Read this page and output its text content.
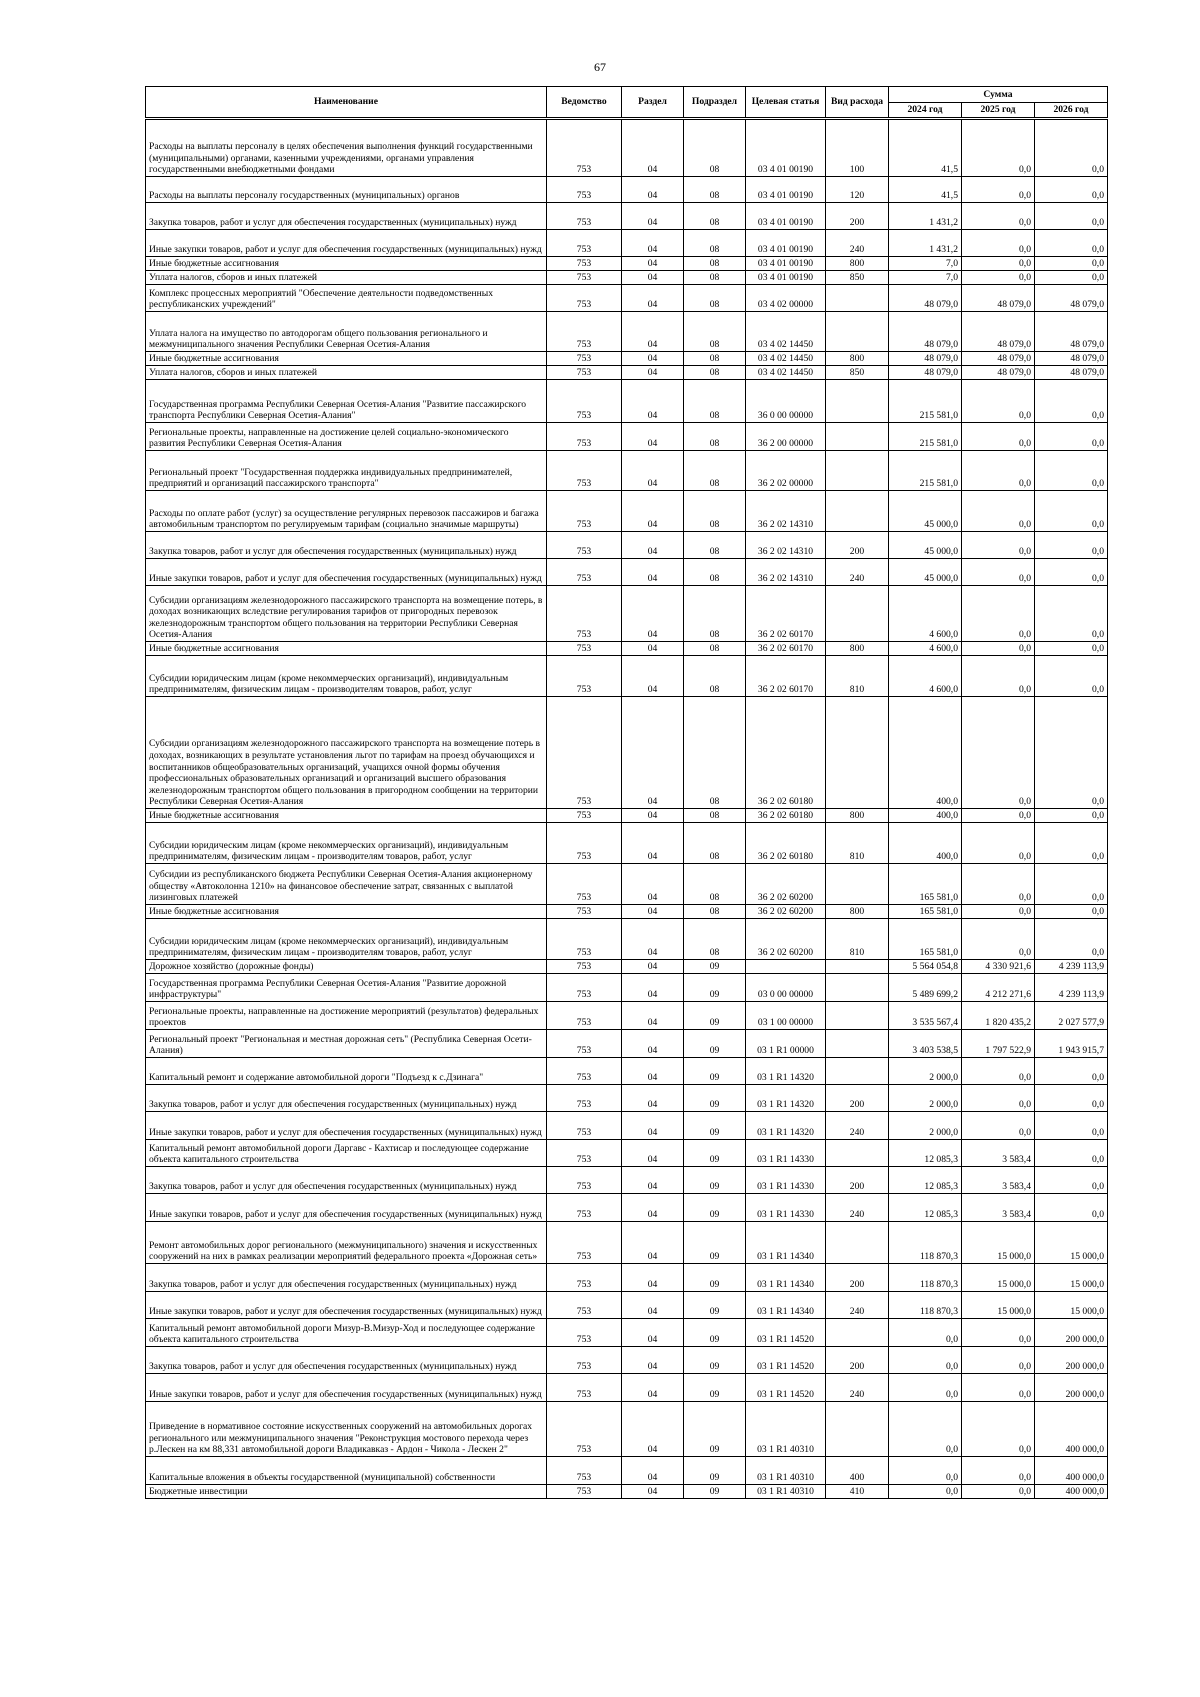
67
Наименование	Ведомство	Раздел	Подраздел	Целевая статья	Вид расхода	Сумма		
						2024 год	2025 год	2026 год
Расходы на выплаты персоналу в целях обеспечения выполнения функций государственными (муниципальными) органами, казенными учреждениями, органами управления государственными внебюджетными фондами	753	04	08	03 4 01 00190	100	41,5	0,0	0,0
Расходы на выплаты персоналу государственных (муниципальных) органов	753	04	08	03 4 01 00190	120	41,5	0,0	0,0
Закупка товаров, работ и услуг для обеспечения государственных (муниципальных) нужд	753	04	08	03 4 01 00190	200	1 431,2	0,0	0,0
Иные закупки товаров, работ и услуг для обеспечения государственных (муниципальных) нужд	753	04	08	03 4 01 00190	240	1 431,2	0,0	0,0
Иные бюджетные ассигнования	753	04	08	03 4 01 00190	800	7,0	0,0	0,0
Уплата налогов, сборов и иных платежей	753	04	08	03 4 01 00190	850	7,0	0,0	0,0
Комплекс процессных мероприятий "Обеспечение деятельности подведомственных республиканских учреждений"	753	04	08	03 4 02 00000		48 079,0	48 079,0	48 079,0
Уплата налога на имущество по автодорогам общего пользования регионального и межмуниципального значения Республики Северная Осетия-Алания	753	04	08	03 4 02 14450		48 079,0	48 079,0	48 079,0
Иные бюджетные ассигнования	753	04	08	03 4 02 14450	800	48 079,0	48 079,0	48 079,0
Уплата налогов, сборов и иных платежей	753	04	08	03 4 02 14450	850	48 079,0	48 079,0	48 079,0
Государственная программа Республики Северная Осетия-Алания "Развитие пассажирского транспорта Республики Северная Осетия-Алания"	753	04	08	36 0 00 00000		215 581,0	0,0	0,0
Региональные проекты, направленные на достижение целей социально-экономического развития Республики Северная Осетия-Алания	753	04	08	36 2 00 00000		215 581,0	0,0	0,0
Региональный проект "Государственная поддержка индивидуальных предпринимателей, предприятий и организаций пассажирского транспорта"	753	04	08	36 2 02 00000		215 581,0	0,0	0,0
Расходы по оплате работ (услуг) за осуществление регулярных перевозок пассажиров и багажа автомобильным транспортом по регулируемым тарифам (социально значимые маршруты)	753	04	08	36 2 02 14310		45 000,0	0,0	0,0
Закупка товаров, работ и услуг для обеспечения государственных (муниципальных) нужд	753	04	08	36 2 02 14310	200	45 000,0	0,0	0,0
Иные закупки товаров, работ и услуг для обеспечения государственных (муниципальных) нужд	753	04	08	36 2 02 14310	240	45 000,0	0,0	0,0
Субсидии организациям железнодорожного пассажирского транспорта на возмещение потерь, в доходах возникающих вследствие регулирования тарифов от пригородных перевозок железнодорожным транспортом общего пользования на территории Республики Северная Осетия-Алания	753	04	08	36 2 02 60170		4 600,0	0,0	0,0
Иные бюджетные ассигнования	753	04	08	36 2 02 60170	800	4 600,0	0,0	0,0
Субсидии юридическим лицам (кроме некоммерческих организаций), индивидуальным предпринимателям, физическим лицам - производителям товаров, работ, услуг	753	04	08	36 2 02 60170	810	4 600,0	0,0	0,0
Субсидии организациям железнодорожного пассажирского транспорта на возмещение потерь в доходах, возникающих в результате установления льгот по тарифам на проезд обучающихся и воспитанников общеобразовательных организаций, учащихся очной формы обучения профессиональных образовательных организаций и организаций высшего образования железнодорожным транспортом общего пользования в пригородном сообщении на территории Республики Северная Осетия-Алания	753	04	08	36 2 02 60180		400,0	0,0	0,0
Иные бюджетные ассигнования	753	04	08	36 2 02 60180	800	400,0	0,0	0,0
Субсидии юридическим лицам (кроме некоммерческих организаций), индивидуальным предпринимателям, физическим лицам - производителям товаров, работ, услуг	753	04	08	36 2 02 60180	810	400,0	0,0	0,0
Субсидии из республиканского бюджета Республики Северная Осетия-Алания акционерному обществу «Автоколонна 1210» на финансовое обеспечение затрат, связанных с выплатой лизинговых платежей	753	04	08	36 2 02 60200		165 581,0	0,0	0,0
Иные бюджетные ассигнования	753	04	08	36 2 02 60200	800	165 581,0	0,0	0,0
Субсидии юридическим лицам (кроме некоммерческих организаций), индивидуальным предпринимателям, физическим лицам - производителям товаров, работ, услуг	753	04	08	36 2 02 60200	810	165 581,0	0,0	0,0
Дорожное хозяйство (дорожные фонды)	753	04	09			5 564 054,8	4 330 921,6	4 239 113,9
Государственная программа Республики Северная Осетия-Алания "Развитие дорожной инфраструктуры"	753	04	09	03 0 00 00000		5 489 699,2	4 212 271,6	4 239 113,9
Региональные проекты, направленные на достижение мероприятий (результатов) федеральных проектов	753	04	09	03 1 00 00000		3 535 567,4	1 820 435,2	2 027 577,9
Региональный проект "Региональная и местная дорожная сеть" (Республика Северная Осети-Алания)	753	04	09	03 1 R1 00000		3 403 538,5	1 797 522,9	1 943 915,7
Капитальный ремонт и содержание автомобильной дороги "Подъезд к с.Дзинага"	753	04	09	03 1 R1 14320		2 000,0	0,0	0,0
Закупка товаров, работ и услуг для обеспечения государственных (муниципальных) нужд	753	04	09	03 1 R1 14320	200	2 000,0	0,0	0,0
Иные закупки товаров, работ и услуг для обеспечения государственных (муниципальных) нужд	753	04	09	03 1 R1 14320	240	2 000,0	0,0	0,0
Капитальный ремонт автомобильной дороги Даргавс - Кахтисар и последующее содержание объекта капитального строительства	753	04	09	03 1 R1 14330		12 085,3	3 583,4	0,0
Закупка товаров, работ и услуг для обеспечения государственных (муниципальных) нужд	753	04	09	03 1 R1 14330	200	12 085,3	3 583,4	0,0
Иные закупки товаров, работ и услуг для обеспечения государственных (муниципальных) нужд	753	04	09	03 1 R1 14330	240	12 085,3	3 583,4	0,0
Ремонт автомобильных дорог регионального (межмуниципального) значения и искусственных сооружений на них в рамках реализации мероприятий федерального проекта «Дорожная сеть»	753	04	09	03 1 R1 14340		118 870,3	15 000,0	15 000,0
Закупка товаров, работ и услуг для обеспечения государственных (муниципальных) нужд	753	04	09	03 1 R1 14340	200	118 870,3	15 000,0	15 000,0
Иные закупки товаров, работ и услуг для обеспечения государственных (муниципальных) нужд	753	04	09	03 1 R1 14340	240	118 870,3	15 000,0	15 000,0
Капитальный ремонт автомобильной дороги Мизур-В.Мизур-Ход и последующее содержание объекта капитального строительства	753	04	09	03 1 R1 14520		0,0	0,0	200 000,0
Закупка товаров, работ и услуг для обеспечения государственных (муниципальных) нужд	753	04	09	03 1 R1 14520	200	0,0	0,0	200 000,0
Иные закупки товаров, работ и услуг для обеспечения государственных (муниципальных) нужд	753	04	09	03 1 R1 14520	240	0,0	0,0	200 000,0
Приведение в нормативное состояние искусственных сооружений на автомобильных дорогах регионального или межмуниципального значения "Реконструкция мостового перехода через р.Лескен на км 88,331 автомобильной дороги Владикавказ - Ардон - Чикола - Лескен 2"	753	04	09	03 1 R1 40310		0,0	0,0	400 000,0
Капитальные вложения в объекты государственной (муниципальной) собственности	753	04	09	03 1 R1 40310	400	0,0	0,0	400 000,0
Бюджетные инвестиции	753	04	09	03 1 R1 40310	410	0,0	0,0	400 000,0
